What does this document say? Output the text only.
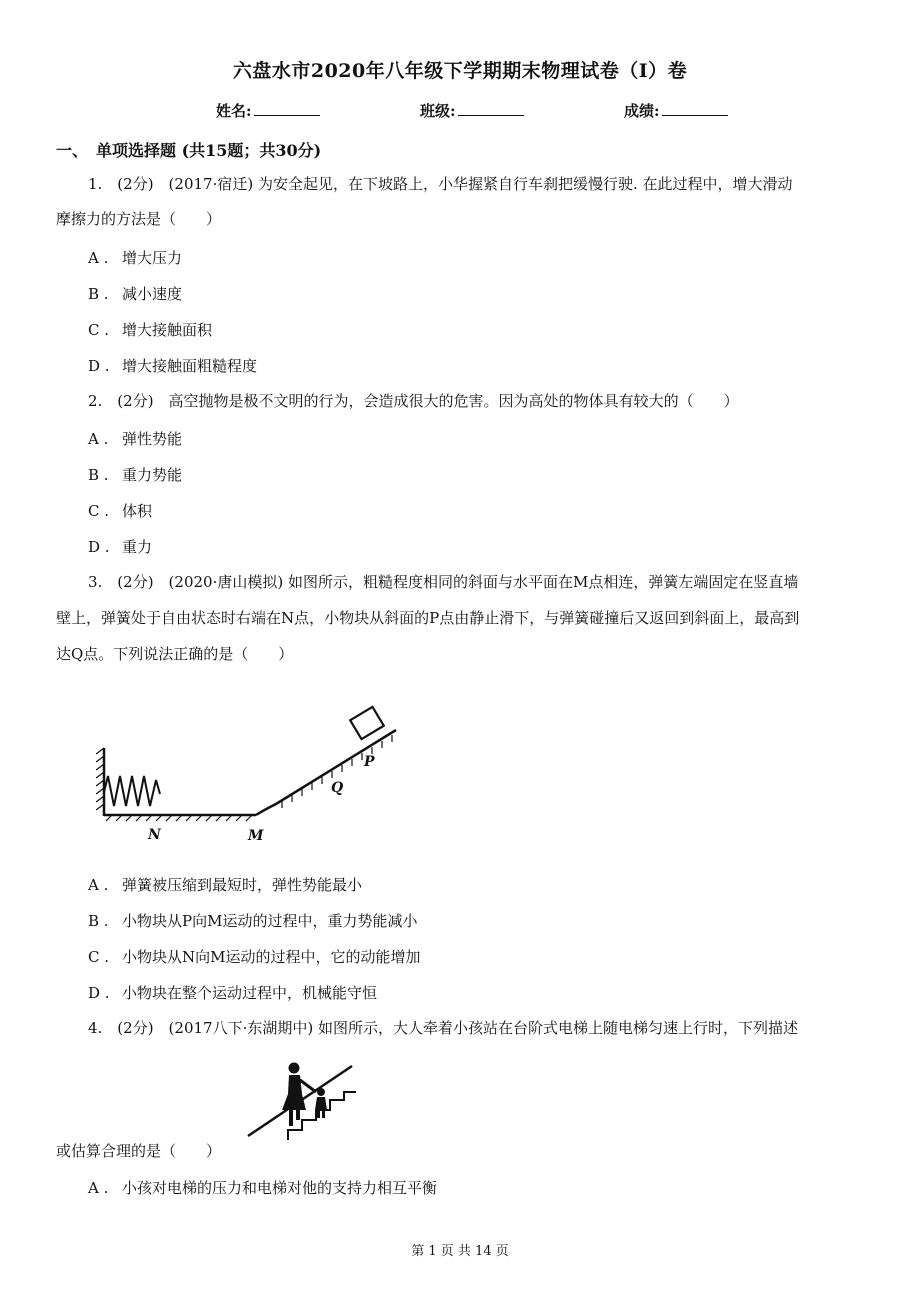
六盘水市2020年八年级下学期期末物理试卷（I）卷
姓名:	班级:	成绩:
一、　单项选择题 (共15题；共30分)
1.　(2分)　(2017·宿迁) 为安全起见，在下坡路上，小华握紧自行车刹把缓慢行驶. 在此过程中，增大滑动
摩擦力的方法是（　　）
A . 增大压力
B . 减小速度
C . 增大接触面积
D . 增大接触面粗糙程度
2.　(2分)　高空抛物是极不文明的行为，会造成很大的危害。因为高处的物体具有较大的（　　）
A . 弹性势能
B . 重力势能
C . 体积
D . 重力
3.　(2分)　(2020·唐山模拟) 如图所示，粗糙程度相同的斜面与水平面在M点相连，弹簧左端固定在竖直墙
壁上，弹簧处于自由状态时右端在N点，小物块从斜面的P点由静止滑下，与弹簧碰撞后又返回到斜面上，最高到
达Q点。下列说法正确的是（　　）
N	M
Q
P
A . 弹簧被压缩到最短时，弹性势能最小
B . 小物块从P向M运动的过程中，重力势能减小
C . 小物块从N向M运动的过程中，它的动能增加
D . 小物块在整个运动过程中，机械能守恒
4.　(2分)　(2017八下·东湖期中) 如图所示，大人牵着小孩站在台阶式电梯上随电梯匀速上行时，下列描述
或估算合理的是（　　）
A . 小孩对电梯的压力和电梯对他的支持力相互平衡
第 1 页 共 14 页
